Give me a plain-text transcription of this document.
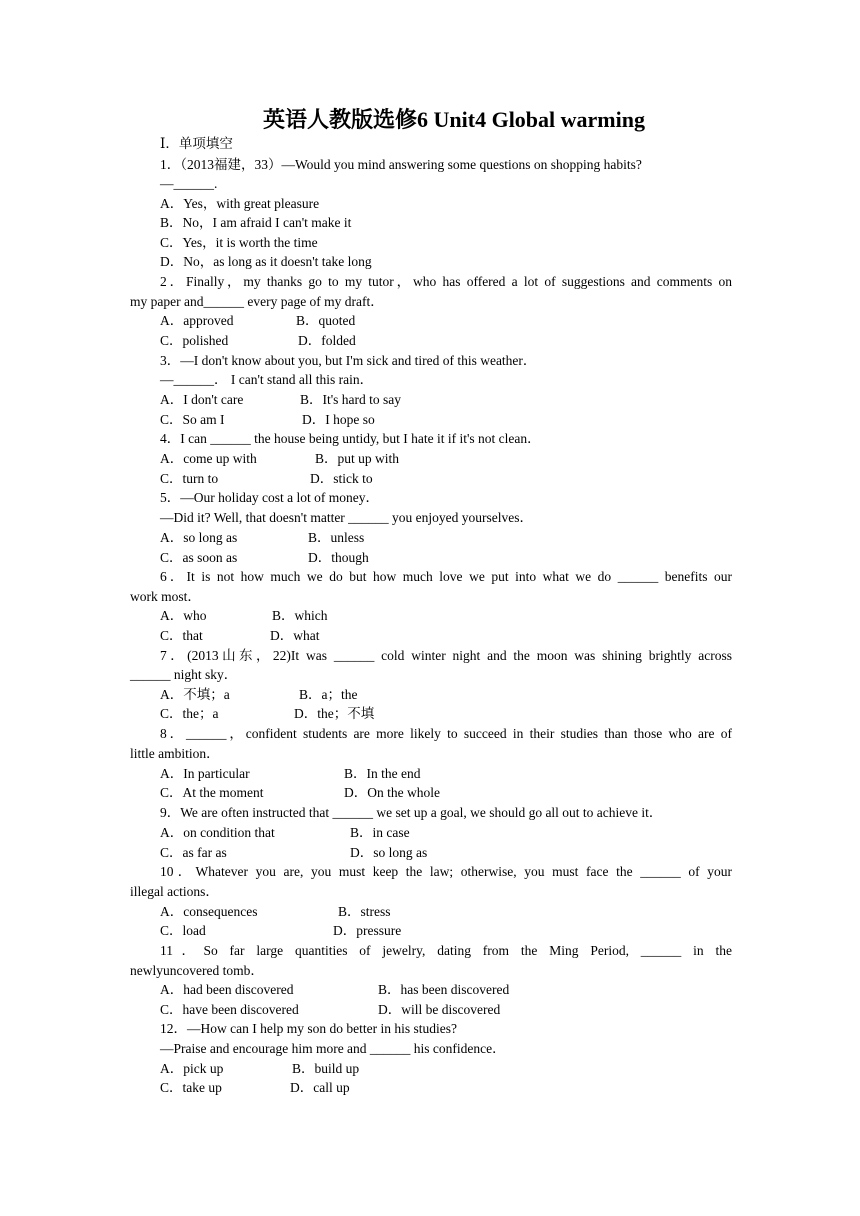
英语人教版选修6 Unit4 Global warming
Ⅰ．单项填空
1．（2013福建，33）—Would you mind answering some questions on shopping habits?
—______.
A．Yes，with great pleasure
B．No，I am afraid I can't make it
C．Yes，it is worth the time
D．No，as long as it doesn't take long
2．Finally，my thanks go to my tutor，who has offered a lot of suggestions and comments on
my paper and______ every page of my draft．
A．approved	B．quoted
C．polished	D．folded
3．—I don't know about you, but I'm sick and tired of this weather．
—______． I can't stand all this rain．
A．I don't care	B．It's hard to say
C．So am I	D．I hope so
4．I can ______ the house being untidy, but I hate it if it's not clean．
A．come up with	B．put up with
C．turn to	D．stick to
5．—Our holiday cost a lot of money．
—Did it? Well, that doesn't matter ______ you enjoyed yourselves．
A．so long as	B．unless
C．as soon as	D．though
6．It is not how much we do but how much love we put into what we do ______ benefits our
work most．
A．who	B．which
C．that	D．what
7．(2013山东，22)It was ______ cold winter night and the moon was shining brightly across
______ night sky．
A．不填；a	B．a；the
C．the；a	D．the；不填
8．______，confident students are more likely to succeed in their studies than those who are of
little ambition．
A．In particular	B．In the end
C．At the moment	D．On the whole
9．We are often instructed that ______ we set up a goal, we should go all out to achieve it．
A．on condition that	B．in case
C．as far as	D．so long as
10．Whatever you are, you must keep the law; otherwise, you must face the ______ of your
illegal actions．
A．consequences	B．stress
C．load	D．pressure
11．So far large quantities of jewelry, dating from the Ming Period, ______ in the
newlyuncovered tomb．
A．had been discovered	B．has been discovered
C．have been discovered	D．will be discovered
12．—How can I help my son do better in his studies?
—Praise and encourage him more and ______ his confidence．
A．pick up	B．build up
C．take up	D．call up
